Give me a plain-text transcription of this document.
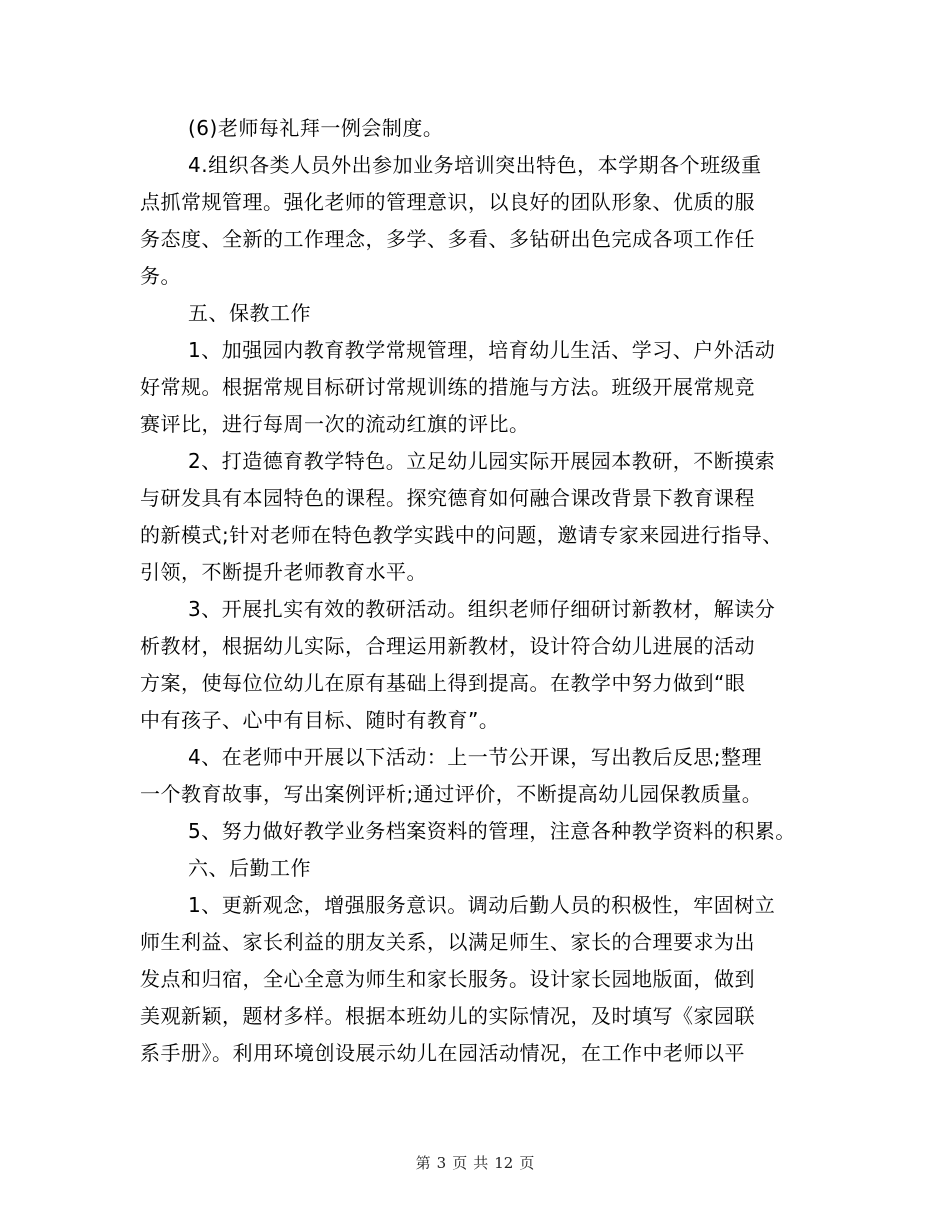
(6)老师每礼拜一例会制度。
4.组织各类人员外出参加业务培训突出特色，本学期各个班级重
点抓常规管理。强化老师的管理意识，以良好的团队形象、优质的服
务态度、全新的工作理念，多学、多看、多钻研出色完成各项工作任
务。
五、保教工作
1、加强园内教育教学常规管理，培育幼儿生活、学习、户外活动
好常规。根据常规目标研讨常规训练的措施与方法。班级开展常规竞
赛评比，进行每周一次的流动红旗的评比。
2、打造德育教学特色。立足幼儿园实际开展园本教研，不断摸索
与研发具有本园特色的课程。探究德育如何融合课改背景下教育课程
的新模式;针对老师在特色教学实践中的问题，邀请专家来园进行指导、
引领，不断提升老师教育水平。
3、开展扎实有效的教研活动。组织老师仔细研讨新教材，解读分
析教材，根据幼儿实际，合理运用新教材，设计符合幼儿进展的活动
方案，使每位位幼儿在原有基础上得到提高。在教学中努力做到“眼
中有孩子、心中有目标、随时有教育”。
4、在老师中开展以下活动：上一节公开课，写出教后反思;整理
一个教育故事，写出案例评析;通过评价，不断提高幼儿园保教质量。
5、努力做好教学业务档案资料的管理，注意各种教学资料的积累。
六、后勤工作
1、更新观念，增强服务意识。调动后勤人员的积极性，牢固树立
师生利益、家长利益的朋友关系，以满足师生、家长的合理要求为出
发点和归宿，全心全意为师生和家长服务。设计家长园地版面，做到
美观新颖，题材多样。根据本班幼儿的实际情况，及时填写《家园联
系手册》。利用环境创设展示幼儿在园活动情况，在工作中老师以平
第 3 页 共 12 页
